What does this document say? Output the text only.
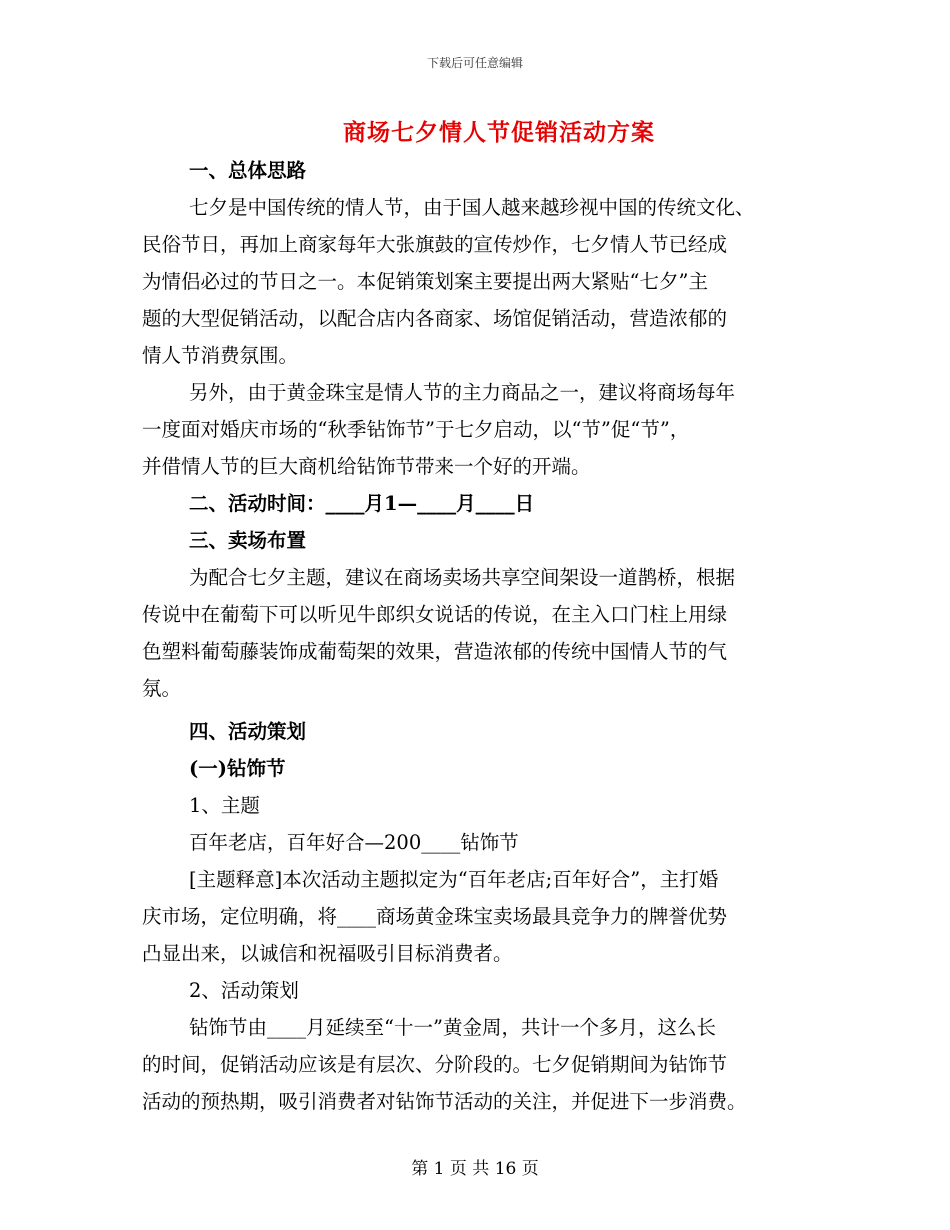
下载后可任意编辑
商场七夕情人节促销活动方案
一、总体思路
七夕是中国传统的情人节，由于国人越来越珍视中国的传统文化、
民俗节日，再加上商家每年大张旗鼓的宣传炒作，七夕情人节已经成
为情侣必过的节日之一。本促销策划案主要提出两大紧贴“七夕”主
题的大型促销活动，以配合店内各商家、场馆促销活动，营造浓郁的
情人节消费氛围。
另外，由于黄金珠宝是情人节的主力商品之一，建议将商场每年
一度面对婚庆市场的“秋季钻饰节”于七夕启动，以“节”促“节”，
并借情人节的巨大商机给钻饰节带来一个好的开端。
二、活动时间：____月1—____月____日
三、卖场布置
为配合七夕主题，建议在商场卖场共享空间架设一道鹊桥，根据
传说中在葡萄下可以听见牛郎织女说话的传说，在主入口门柱上用绿
色塑料葡萄藤装饰成葡萄架的效果，营造浓郁的传统中国情人节的气
氛。
四、活动策划
(一)钻饰节
1、主题
百年老店，百年好合—200____钻饰节
[主题释意]本次活动主题拟定为“百年老店;百年好合”，主打婚
庆市场，定位明确，将____商场黄金珠宝卖场最具竞争力的牌誉优势
凸显出来，以诚信和祝福吸引目标消费者。
2、活动策划
钻饰节由____月延续至“十一”黄金周，共计一个多月，这么长
的时间，促销活动应该是有层次、分阶段的。七夕促销期间为钻饰节
活动的预热期，吸引消费者对钻饰节活动的关注，并促进下一步消费。
第 1 页 共 16 页
